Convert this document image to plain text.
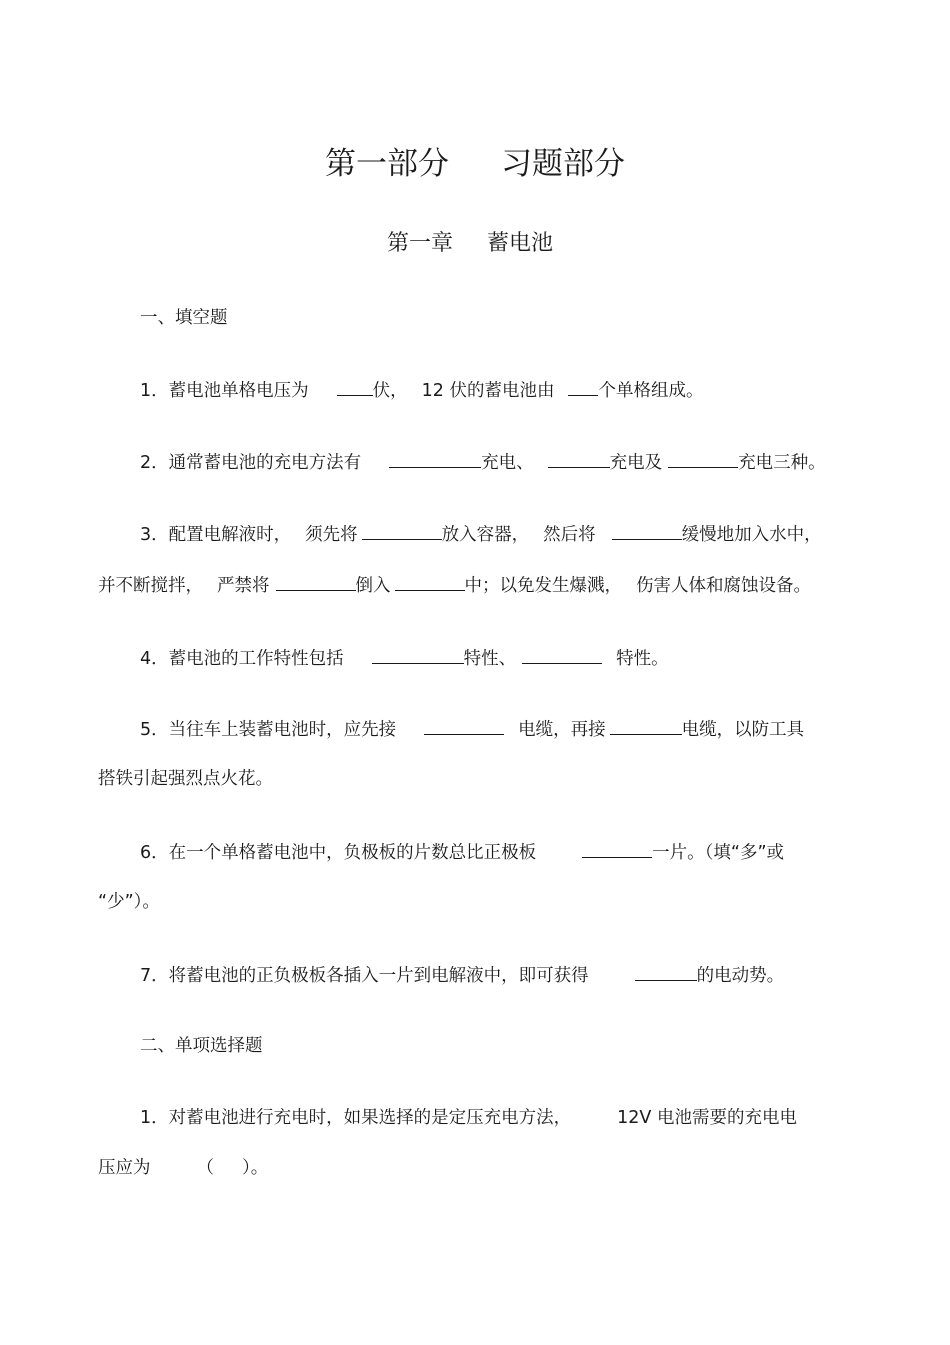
第一部分 习题部分
第一章 蓄电池
一、填空题
1．蓄电池单格电压为	伏， 12 伏的蓄电池由	个单格组成。
2．通常蓄电池的充电方法有	充电、	充电及	充电三种。
3．配置电解液时， 须先将	放入容器， 然后将	缓慢地加入水中，
并不断搅拌， 严禁将	倒入	中；以免发生爆溅， 伤害人体和腐蚀设备。
4．蓄电池的工作特性包括	特性、	特性。
5．当往车上装蓄电池时，应先接	电缆，再接	电缆，以防工具
搭铁引起强烈点火花。
6．在一个单格蓄电池中，负极板的片数总比正极板	一片。（填“多”或
“少”）。
7．将蓄电池的正负极板各插入一片到电解液中，即可获得	的电动势。
二、单项选择题
1．对蓄电池进行充电时，如果选择的是定压充电方法，	12V 电池需要的充电电
压应为	（ ）。
